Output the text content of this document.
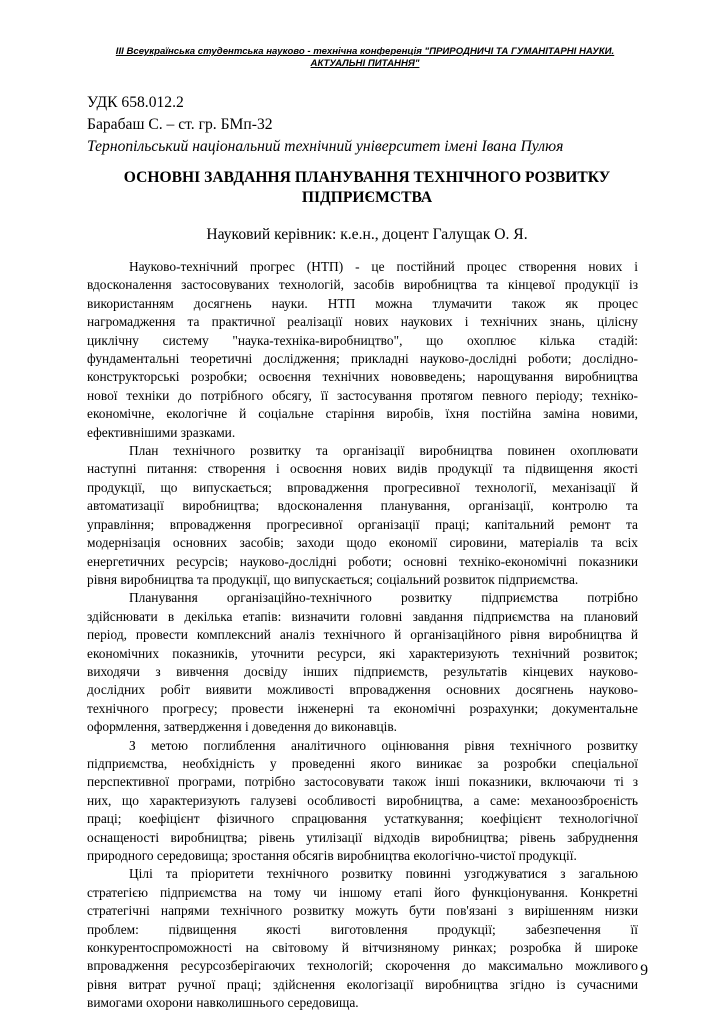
III Всеукраїнська студентська науково - технічна конференція "ПРИРОДНИЧІ ТА ГУМАНІТАРНІ НАУКИ.
АКТУАЛЬНІ ПИТАННЯ"
УДК 658.012.2
Барабаш С. – ст. гр. БМп-32
Тернопільський національний технічний університет імені Івана Пулюя
ОСНОВНІ ЗАВДАННЯ ПЛАНУВАННЯ ТЕХНІЧНОГО РОЗВИТКУ
ПІДПРИЄМСТВА
Науковий керівник: к.е.н., доцент Галущак О. Я.
Науково-технічний прогрес (НТП) - це постійний процес створення нових і
вдосконалення застосовуваних технологій, засобів виробництва та кінцевої продукції із
використанням досягнень науки. НТП можна тлумачити також як процес
нагромадження та практичної реалізації нових наукових і технічних знань, цілісну
циклічну систему "наука-техніка-виробництво", що охоплює кілька стадій:
фундаментальні теоретичні дослідження; прикладні науково-дослідні роботи; дослідно-
конструкторські розробки; освоєння технічних нововведень; нарощування виробництва
нової техніки до потрібного обсягу, її застосування протягом певного періоду; техніко-
економічне, екологічне й соціальне старіння виробів, їхня постійна заміна новими,
ефективнішими зразками.
План технічного розвитку та організації виробництва повинен охоплювати
наступні питання: створення і освоєння нових видів продукції та підвищення якості
продукції, що випускається; впровадження прогресивної технології, механізації й
автоматизації виробництва; вдосконалення планування, організації, контролю та
управління; впровадження прогресивної організації праці; капітальний ремонт та
модернізація основних засобів; заходи щодо економії сировини, матеріалів та всіх
енергетичних ресурсів; науково-дослідні роботи; основні техніко-економічні показники
рівня виробництва та продукції, що випускається; соціальний розвиток підприємства.
Планування організаційно-технічного розвитку підприємства потрібно
здійснювати в декілька етапів: визначити головні завдання підприємства на плановий
період, провести комплексний аналіз технічного й організаційного рівня виробництва й
економічних показників, уточнити ресурси, які характеризують технічний розвиток;
виходячи з вивчення досвіду інших підприємств, результатів кінцевих науково-
дослідних робіт виявити можливості впровадження основних досягнень науково-
технічного прогресу; провести інженерні та економічні розрахунки; документальне
оформлення, затвердження і доведення до виконавців.
З метою поглиблення аналітичного оцінювання рівня технічного розвитку
підприємства, необхідність у проведенні якого виникає за розробки спеціальної
перспективної програми, потрібно застосовувати також інші показники, включаючи ті з
них, що характеризують галузеві особливості виробництва, а саме: механоозброєність
праці; коефіцієнт фізичного спрацювання устаткування; коефіцієнт технологічної
оснащеності виробництва; рівень утилізації відходів виробництва; рівень забруднення
природного середовища; зростання обсягів виробництва екологічно-чистої продукції.
Цілі та пріоритети технічного розвитку повинні узгоджуватися з загальною
стратегією підприємства на тому чи іншому етапі його функціонування. Конкретні
стратегічні напрями технічного розвитку можуть бути пов'язані з вирішенням низки
проблем: підвищення якості виготовлення продукції; забезпечення її
конкурентоспроможності на світовому й вітчизняному ринках; розробка й широке
впровадження ресурсозберігаючих технологій; скорочення до максимально можливого
рівня витрат ручної праці; здійснення екологізації виробництва згідно із сучасними
вимогами охорони навколишнього середовища.
9
